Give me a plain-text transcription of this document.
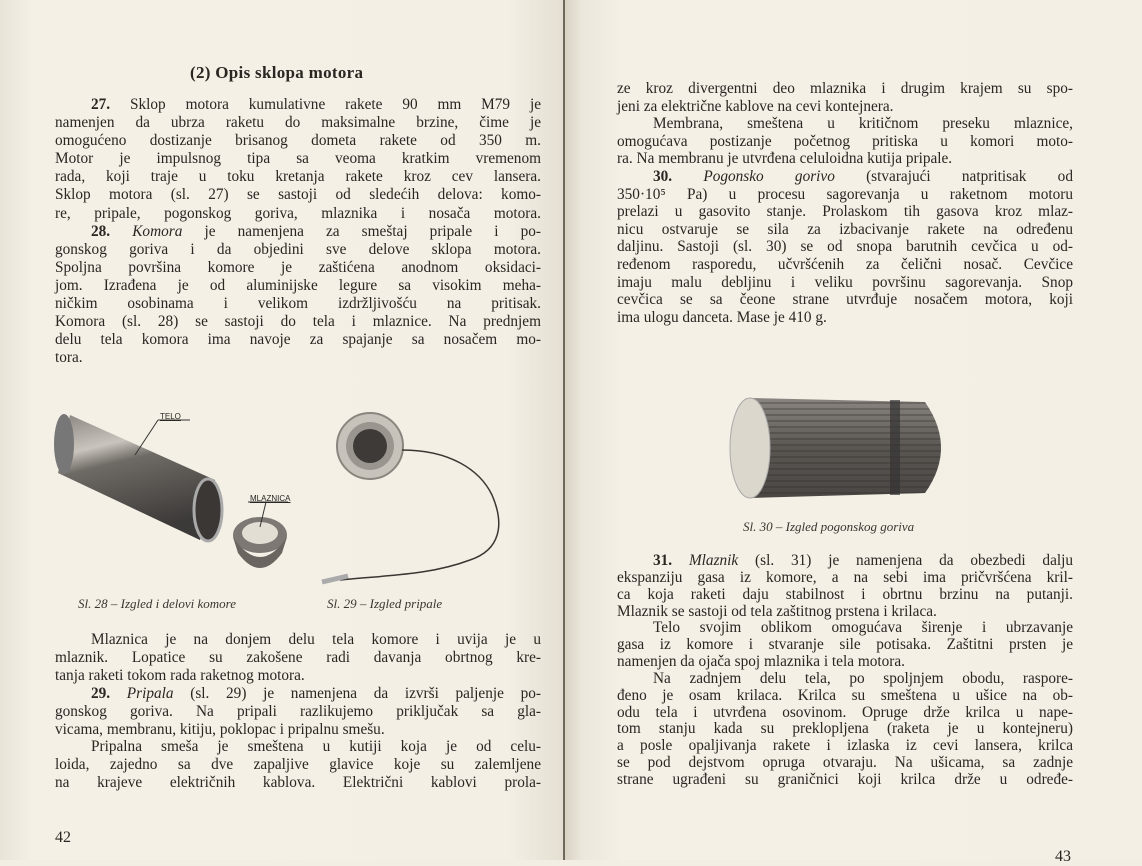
(2) Opis sklopa motora
27. Sklop motora kumulativne rakete 90 mm M79 je
namenjen da ubrza raketu do maksimalne brzine, čime je
omogućeno dostizanje brisanog dometa rakete od 350 m.
Motor je impulsnog tipa sa veoma kratkim vremenom
rada, koji traje u toku kretanja rakete kroz cev lansera.
Sklop motora (sl. 27) se sastoji od sledećih delova: komo-
re, pripale, pogonskog goriva, mlaznika i nosača motora.
28. Komora je namenjena za smeštaj pripale i po-
gonskog goriva i da objedini sve delove sklopa motora.
Spoljna površina komore je zaštićena anodnom oksidaci-
jom. Izrađena je od aluminijske legure sa visokim meha-
ničkim osobinama i velikom izdržljivošću na pritisak.
Komora (sl. 28) se sastoji do tela i mlaznice. Na prednjem
delu tela komora ima navoje za spajanje sa nosačem mo-
tora.
TELO
MLAZNICA
Sl. 28 – Izgled i delovi komore	Sl. 29 – Izgled pripale
Mlaznica je na donjem delu tela komore i uvija je u
mlaznik. Lopatice su zakošene radi davanja obrtnog kre-
tanja raketi tokom rada raketnog motora.
29. Pripala (sl. 29) je namenjena da izvrši paljenje po-
gonskog goriva. Na pripali razlikujemo priključak sa gla-
vicama, membranu, kitiju, poklopac i pripalnu smešu.
Pripalna smeša je smeštena u kutiji koja je od celu-
loida, zajedno sa dve zapaljive glavice koje su zalemljene
na krajeve električnih kablova. Električni kablovi prola-
42
ze kroz divergentni deo mlaznika i drugim krajem su spo-
jeni za električne kablove na cevi kontejnera.
Membrana, smeštena u kritičnom preseku mlaznice,
omogućava postizanje početnog pritiska u komori moto-
ra. Na membranu je utvrđena celuloidna kutija pripale.
30. Pogonsko gorivo (stvarajući natpritisak od
350·10⁵ Pa) u procesu sagorevanja u raketnom motoru
prelazi u gasovito stanje. Prolaskom tih gasova kroz mlaz-
nicu ostvaruje se sila za izbacivanje rakete na određenu
daljinu. Sastoji (sl. 30) se od snopa barutnih cevčica u od-
ređenom rasporedu, učvršćenih za čelični nosač. Cevčice
imaju malu debljinu i veliku površinu sagorevanja. Snop
cevčica se sa čeone strane utvrđuje nosačem motora, koji
ima ulogu danceta. Mase je 410 g.
Sl. 30 – Izgled pogonskog goriva
31. Mlaznik (sl. 31) je namenjena da obezbedi dalju
ekspanziju gasa iz komore, a na sebi ima pričvršćena kril-
ca koja raketi daju stabilnost i obrtnu brzinu na putanji.
Mlaznik se sastoji od tela zaštitnog prstena i krilaca.
Telo svojim oblikom omogućava širenje i ubrzavanje
gasa iz komore i stvaranje sile potisaka. Zaštitni prsten je
namenjen da ojača spoj mlaznika i tela motora.
Na zadnjem delu tela, po spoljnjem obodu, raspore-
đeno je osam krilaca. Krilca su smeštena u ušice na ob-
odu tela i utvrđena osovinom. Opruge drže krilca u nape-
tom stanju kada su preklopljena (raketa je u kontejneru)
a posle opaljivanja rakete i izlaska iz cevi lansera, krilca
se pod dejstvom opruga otvaraju. Na ušicama, sa zadnje
strane ugrađeni su graničnici koji krilca drže u određe-
43
